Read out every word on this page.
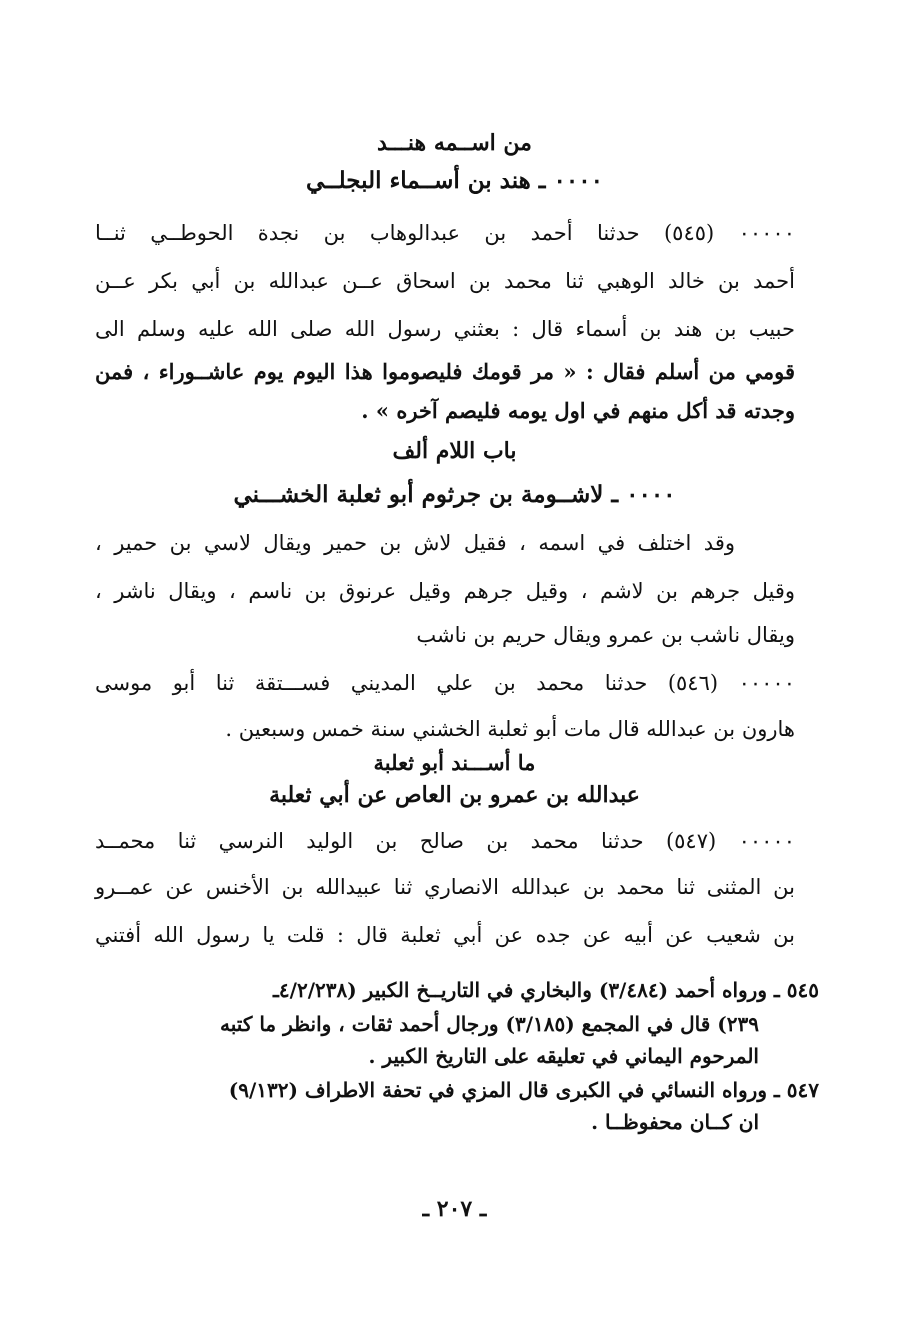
من اســمه هنـــد
٠٠٠٠ ـ هند بن أســماء البجلــي
٠٠٠٠٠ (٥٤٥) حدثنا أحمد بن عبدالوهاب بن نجدة الحوطــي ثنــا
أحمد بن خالد الوهبي ثنا محمد بن اسحاق عــن عبدالله بن أبي بكر عــن
حبيب بن هند بن أسماء قال : بعثني رسول الله صلى الله عليه وسلم الى
قومي من أسلم فقال : « مر قومك فليصوموا هذا اليوم يوم عاشــوراء ، فمن
وجدته قد أكل منهم في اول يومه فليصم آخره » .
باب اللام ألف
٠٠٠٠ ـ لاشــومة بن جرثوم أبو ثعلبة الخشـــني
وقد اختلف في اسمه ، فقيل لاش بن حمير ويقال لاسي بن حمير ،
وقيل جرهم بن لاشم ، وقيل جرهم وقيل عرنوق بن ناسم ، ويقال ناشر ،
ويقال ناشب بن عمرو ويقال حريم بن ناشب
٠٠٠٠٠ (٥٤٦) حدثنا محمد بن علي المديني فســـتقة ثنا أبو موسى
هارون بن عبدالله قال مات أبو ثعلبة الخشني سنة خمس وسبعين .
ما أســـند أبو ثعلبة
عبدالله بن عمرو بن العاص عن أبي ثعلبة
٠٠٠٠٠ (٥٤٧) حدثنا محمد بن صالح بن الوليد النرسي ثنا محمــد
بن المثنى ثنا محمد بن عبدالله الانصاري ثنا عبيدالله بن الأخنس عن عمــرو
بن شعيب عن أبيه عن جده عن أبي ثعلبة قال : قلت يا رسول الله أفتني
٥٤٥ ـ ورواه أحمد (٣/٤٨٤) والبخاري في التاريــخ الكبير (٤/٢/٢٣٨ـ
٢٣٩) قال في المجمع (٣/١٨٥) ورجال أحمد ثقات ، وانظر ما كتبه
المرحوم اليماني في تعليقه على التاريخ الكبير .
٥٤٧ ـ ورواه النسائي في الكبرى قال المزي في تحفة الاطراف (٩/١٣٢)
ان كــان محفوظــا .
ـ ٢٠٧ ـ
